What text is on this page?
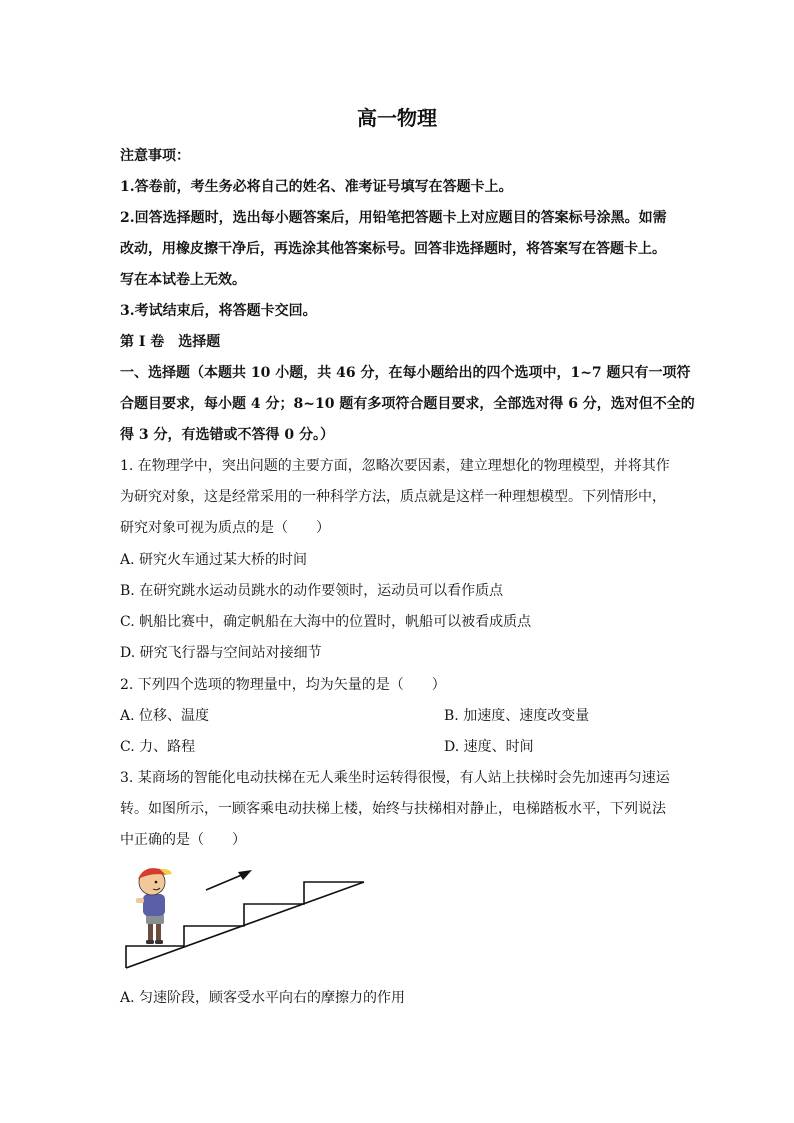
高一物理
注意事项：
1.答卷前，考生务必将自己的姓名、准考证号填写在答题卡上。
2.回答选择题时，选出每小题答案后，用铅笔把答题卡上对应题目的答案标号涂黑。如需
改动，用橡皮擦干净后，再选涂其他答案标号。回答非选择题时，将答案写在答题卡上。
写在本试卷上无效。
3.考试结束后，将答题卡交回。
第 I 卷　选择题
一、选择题（本题共 10 小题，共 46 分，在每小题给出的四个选项中，1~7 题只有一项符
合题目要求，每小题 4 分；8~10 题有多项符合题目要求，全部选对得 6 分，选对但不全的
得 3 分，有选错或不答得 0 分。）
1. 在物理学中，突出问题的主要方面，忽略次要因素，建立理想化的物理模型，并将其作
为研究对象，这是经常采用的一种科学方法，质点就是这样一种理想模型。下列情形中，
研究对象可视为质点的是（　　）
A. 研究火车通过某大桥的时间
B. 在研究跳水运动员跳水的动作要领时，运动员可以看作质点
C. 帆船比赛中，确定帆船在大海中的位置时，帆船可以被看成质点
D. 研究飞行器与空间站对接细节
2. 下列四个选项的物理量中，均为矢量的是（　　）
A. 位移、温度	B. 加速度、速度改变量
C. 力、路程	D. 速度、时间
3. 某商场的智能化电动扶梯在无人乘坐时运转得很慢，有人站上扶梯时会先加速再匀速运
转。如图所示，一顾客乘电动扶梯上楼，始终与扶梯相对静止，电梯踏板水平，下列说法
中正确的是（　　）
A. 匀速阶段，顾客受水平向右的摩擦力的作用
